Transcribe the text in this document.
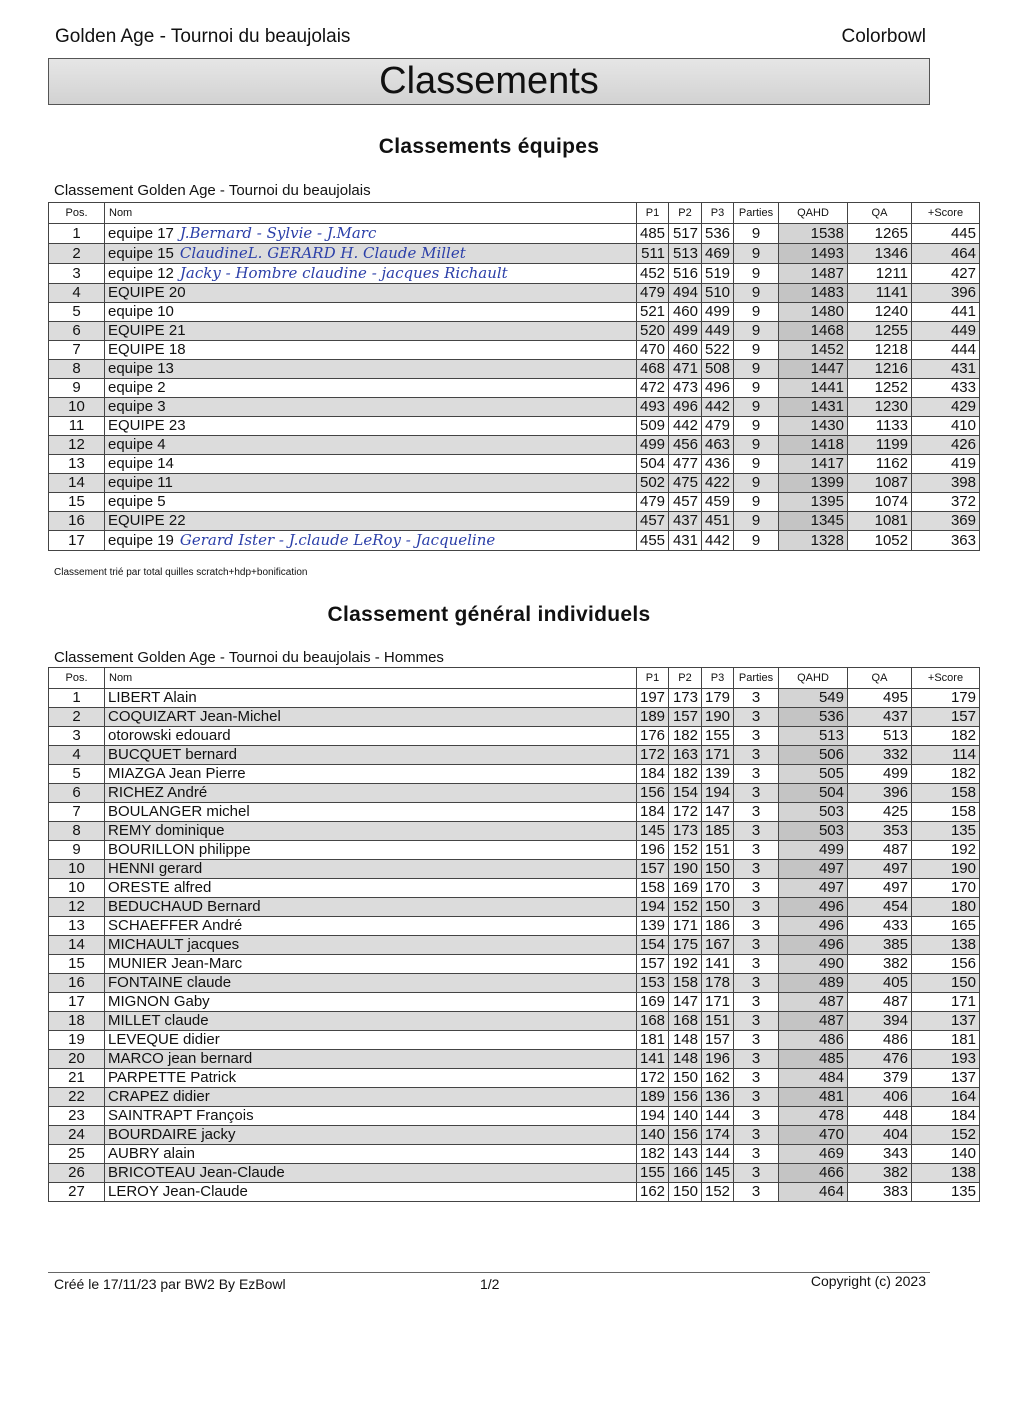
Golden Age - Tournoi du beaujolais	Colorbowl
Classements
Classements équipes
Classement Golden Age - Tournoi du beaujolais
Pos.	Nom	P1	P2	P3	Parties	QAHD	QA	+Score
1	equipe 17 J.Bernard - Sylvie - J.Marc	485	517	536	9	1538	1265	445
2	equipe 15 ClaudineL. GERARD H. Claude Millet	511	513	469	9	1493	1346	464
3	equipe 12 Jacky - Hombre claudine - jacques Richault	452	516	519	9	1487	1211	427
4	EQUIPE 20	479	494	510	9	1483	1141	396
5	equipe 10	521	460	499	9	1480	1240	441
6	EQUIPE 21	520	499	449	9	1468	1255	449
7	EQUIPE 18	470	460	522	9	1452	1218	444
8	equipe 13	468	471	508	9	1447	1216	431
9	equipe 2	472	473	496	9	1441	1252	433
10	equipe 3	493	496	442	9	1431	1230	429
11	EQUIPE 23	509	442	479	9	1430	1133	410
12	equipe 4	499	456	463	9	1418	1199	426
13	equipe 14	504	477	436	9	1417	1162	419
14	equipe 11	502	475	422	9	1399	1087	398
15	equipe 5	479	457	459	9	1395	1074	372
16	EQUIPE 22	457	437	451	9	1345	1081	369
17	equipe 19 Gerard Ister - J.claude LeRoy - Jacqueline	455	431	442	9	1328	1052	363
Classement trié par total quilles scratch+hdp+bonification
Classement général individuels
Classement Golden Age - Tournoi du beaujolais - Hommes
Pos.	Nom	P1	P2	P3	Parties	QAHD	QA	+Score
1	LIBERT Alain	197	173	179	3	549	495	179
2	COQUIZART Jean-Michel	189	157	190	3	536	437	157
3	otorowski edouard	176	182	155	3	513	513	182
4	BUCQUET bernard	172	163	171	3	506	332	114
5	MIAZGA Jean Pierre	184	182	139	3	505	499	182
6	RICHEZ André	156	154	194	3	504	396	158
7	BOULANGER michel	184	172	147	3	503	425	158
8	REMY dominique	145	173	185	3	503	353	135
9	BOURILLON philippe	196	152	151	3	499	487	192
10	HENNI gerard	157	190	150	3	497	497	190
10	ORESTE alfred	158	169	170	3	497	497	170
12	BEDUCHAUD Bernard	194	152	150	3	496	454	180
13	SCHAEFFER André	139	171	186	3	496	433	165
14	MICHAULT jacques	154	175	167	3	496	385	138
15	MUNIER Jean-Marc	157	192	141	3	490	382	156
16	FONTAINE claude	153	158	178	3	489	405	150
17	MIGNON Gaby	169	147	171	3	487	487	171
18	MILLET claude	168	168	151	3	487	394	137
19	LEVEQUE didier	181	148	157	3	486	486	181
20	MARCO jean bernard	141	148	196	3	485	476	193
21	PARPETTE Patrick	172	150	162	3	484	379	137
22	CRAPEZ didier	189	156	136	3	481	406	164
23	SAINTRAPT François	194	140	144	3	478	448	184
24	BOURDAIRE jacky	140	156	174	3	470	404	152
25	AUBRY alain	182	143	144	3	469	343	140
26	BRICOTEAU Jean-Claude	155	166	145	3	466	382	138
27	LEROY Jean-Claude	162	150	152	3	464	383	135
Créé le 17/11/23 par BW2 By EzBowl	1/2	Copyright (c) 2023
